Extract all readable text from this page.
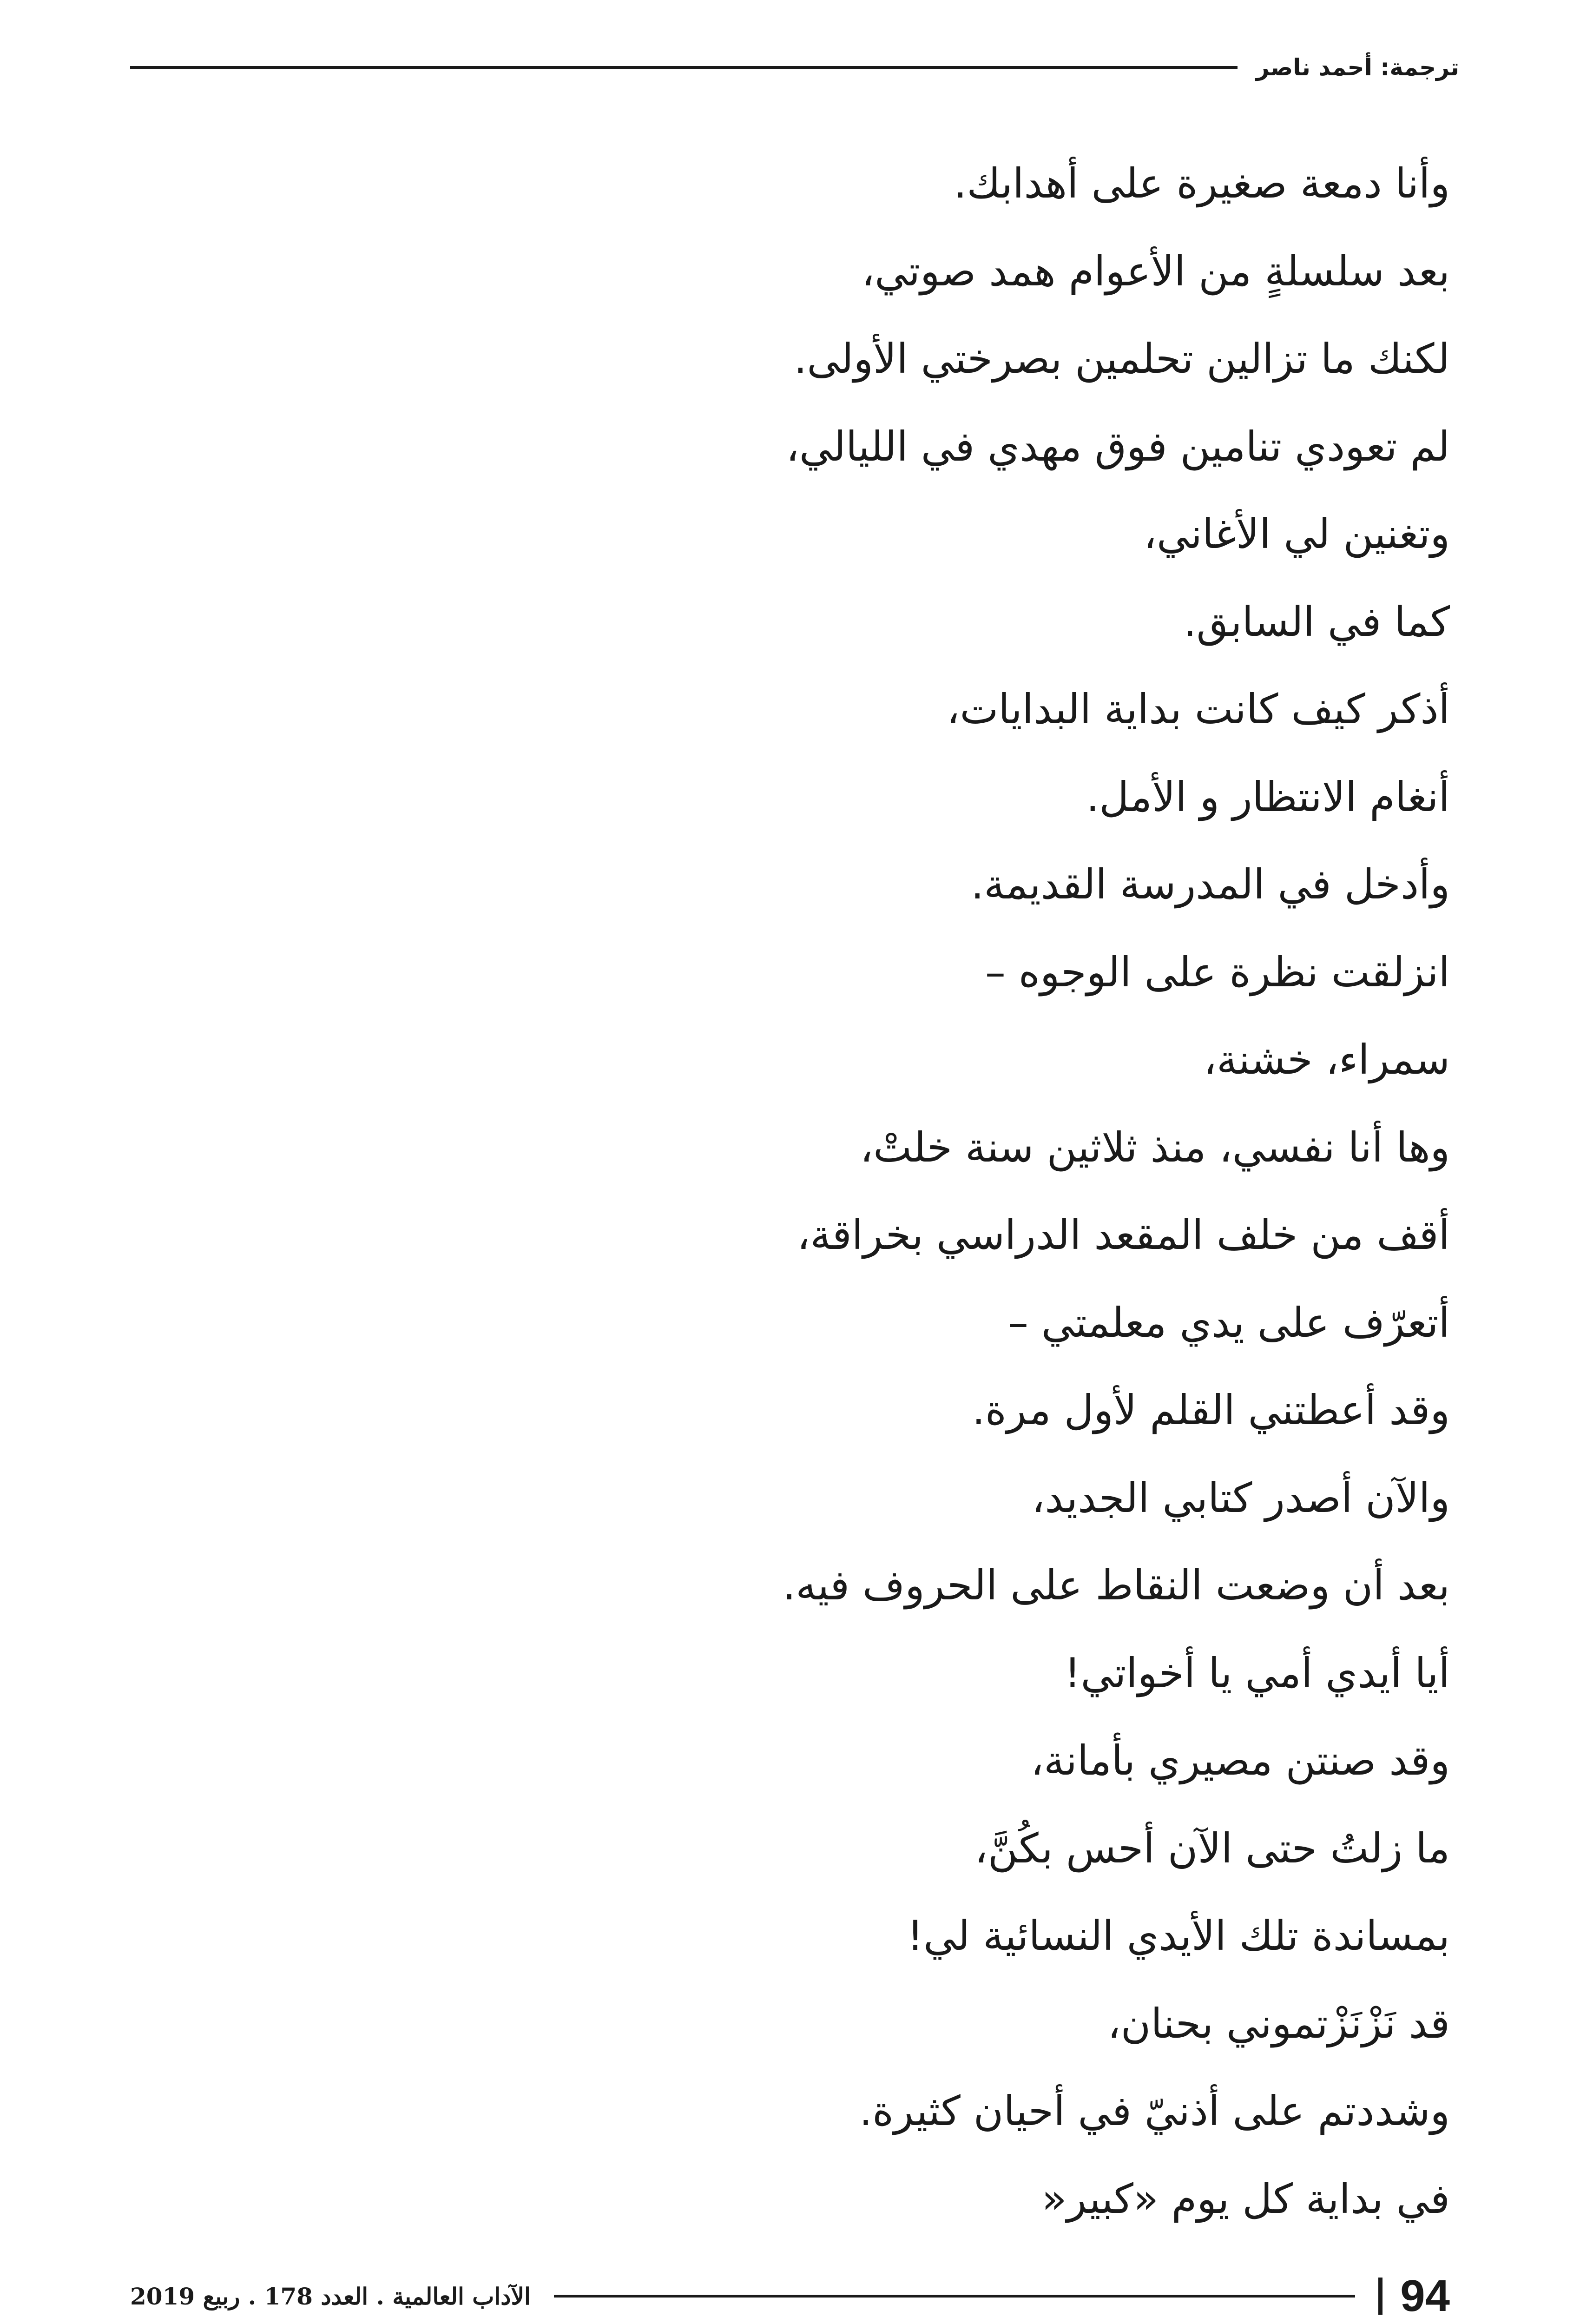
ترجمة: أحمد ناصر
وأنا دمعة صغيرة على أهدابك.
بعد سلسلةٍ من الأعوام همد صوتي،
لكنك ما تزالين تحلمين بصرختي الأولى.
لم تعودي تنامين فوق مهدي في الليالي،
وتغنين لي الأغاني،
كما في السابق.
أذكر كيف كانت بداية البدايات،
أنغام الانتظار و الأمل.
وأدخل في المدرسة القديمة.
انزلقت نظرة على الوجوه –
سمراء، خشنة،
وها أنا نفسي، منذ ثلاثين سنة خلتْ،
أقف من خلف المقعد الدراسي بخراقة،
أتعرّف على يدي معلمتي –
وقد أعطتني القلم لأول مرة.
والآن أصدر كتابي الجديد،
بعد أن وضعت النقاط على الحروف فيه.
أيا أيدي أمي يا أخواتي!
وقد صنتن مصيري بأمانة،
ما زلتُ حتى الآن أحس بكُنَّ،
بمساندة تلك الأيدي النسائية لي!
قد نَزْنَزْتموني بحنان،
وشددتم على أذنيّ في أحيان كثيرة.
في بداية كل يوم «كبير«
94
الآداب العالمية . العدد 178 . ربيع 2019
